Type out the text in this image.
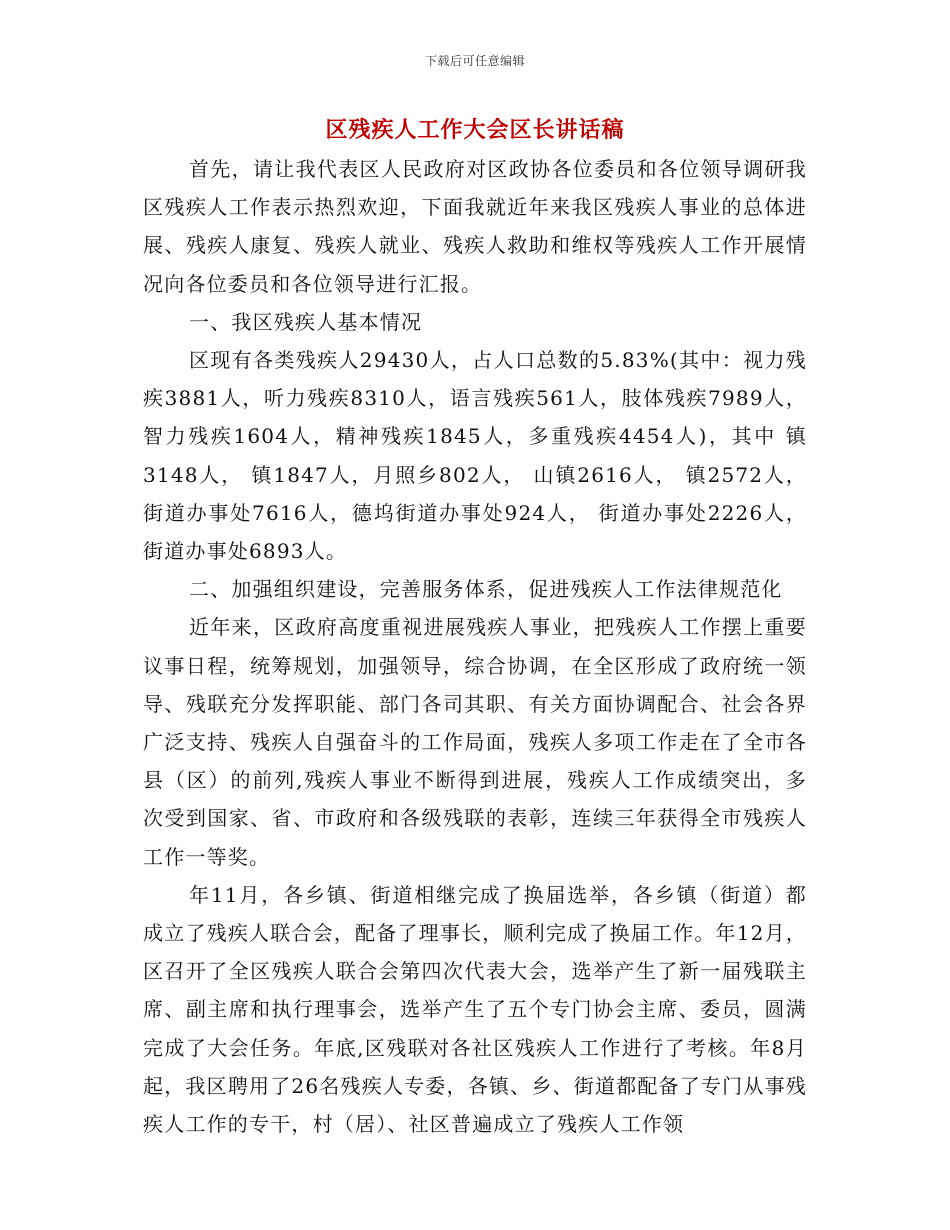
下载后可任意编辑
区残疾人工作大会区长讲话稿

首先，请让我代表区人民政府对区政协各位委员和各位领导调研我区残疾人工作表示热烈欢迎，下面我就近年来我区残疾人事业的总体进展、残疾人康复、残疾人就业、残疾人救助和维权等残疾人工作开展情况向各位委员和各位领导进行汇报。

一、我区残疾人基本情况

区现有各类残疾人29430人，占人口总数的5.83%(其中：视力残疾3881人，听力残疾8310人，语言残疾561人，肢体残疾7989人，智力残疾1604人，精神残疾1845人，多重残疾4454人)，其中 镇3148人， 镇1847人，月照乡802人， 山镇2616人， 镇2572人， 街道办事处7616人，德坞街道办事处924人， 街道办事处2226人， 街道办事处6893人。

二、加强组织建设，完善服务体系，促进残疾人工作法律规范化

近年来，区政府高度重视进展残疾人事业，把残疾人工作摆上重要议事日程，统筹规划，加强领导，综合协调，在全区形成了政府统一领导、残联充分发挥职能、部门各司其职、有关方面协调配合、社会各界广泛支持、残疾人自强奋斗的工作局面，残疾人多项工作走在了全市各县（区）的前列,残疾人事业不断得到进展，残疾人工作成绩突出，多次受到国家、省、市政府和各级残联的表彰，连续三年获得全市残疾人工作一等奖。

年11月，各乡镇、街道相继完成了换届选举，各乡镇（街道）都成立了残疾人联合会，配备了理事长，顺利完成了换届工作。年12月，区召开了全区残疾人联合会第四次代表大会，选举产生了新一届残联主席、副主席和执行理事会，选举产生了五个专门协会主席、委员，圆满完成了大会任务。年底,区残联对各社区残疾人工作进行了考核。年8月起，我区聘用了26名残疾人专委，各镇、乡、街道都配备了专门从事残疾人工作的专干，村（居）、社区普遍成立了残疾人工作领
